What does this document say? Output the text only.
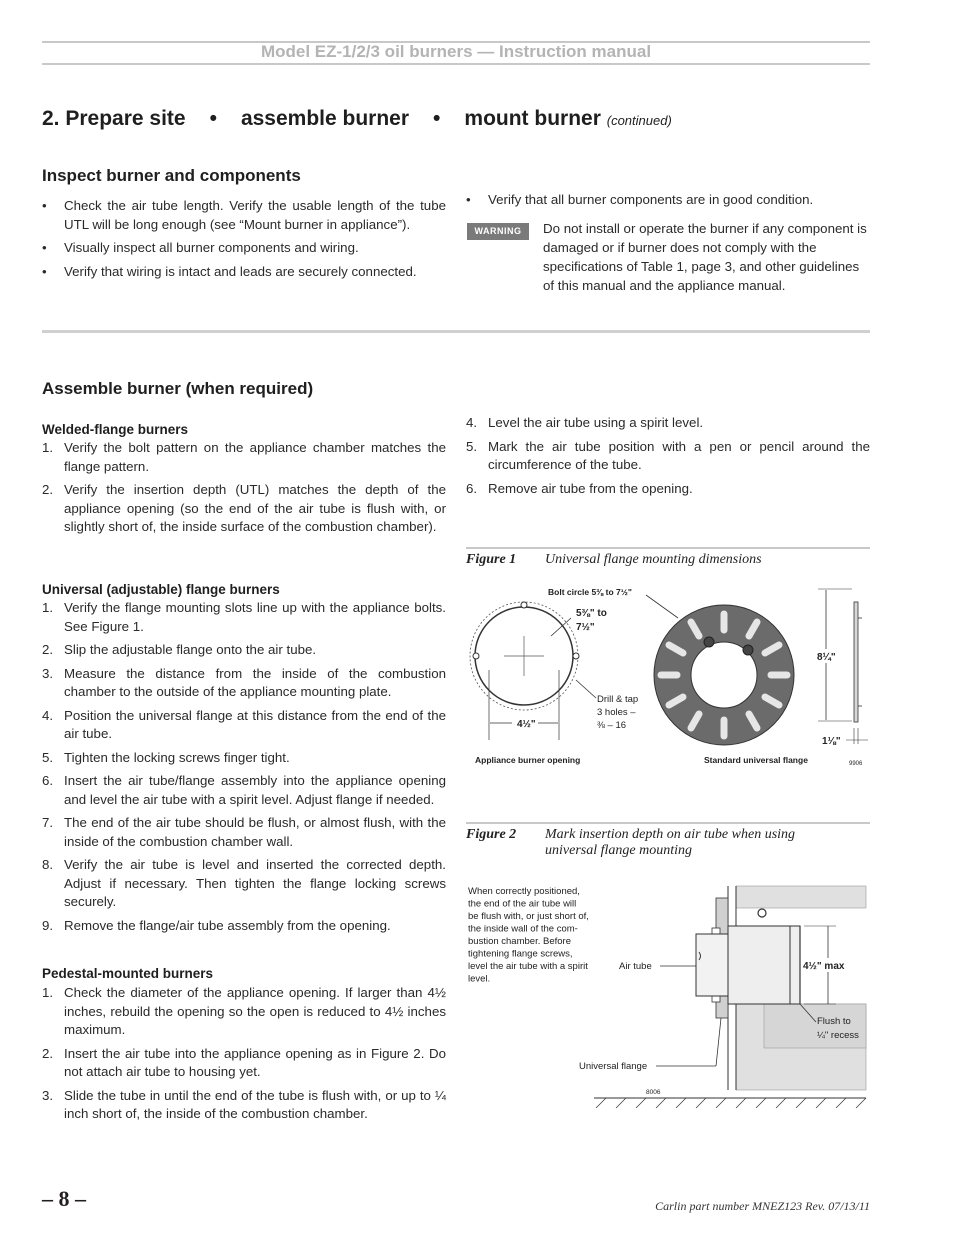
Model EZ-1/2/3 oil burners — Instruction manual
2. Prepare site • assemble burner • mount burner (continued)
Inspect burner and components
• Check the air tube length. Verify the usable length of the tube UTL will be long enough (see “Mount burner in appliance”).
• Visually inspect all burner components and wiring.
• Verify that wiring is intact and leads are securely connected.
• Verify that all burner components are in good condition.
WARNING	Do not install or operate the burner if any component is damaged or if burner does not comply with the specifications of Table 1, page 3, and other guidelines of this manual and the appliance manual.
Assemble burner (when required)
Welded-flange burners
1. Verify the bolt pattern on the appliance chamber matches the flange pattern.
2. Verify the insertion depth (UTL) matches the depth of the appliance opening (so the end of the air tube is flush with, or slightly short of, the inside surface of the combustion chamber).
Universal (adjustable) flange burners
1. Verify the flange mounting slots line up with the appliance bolts. See Figure 1.
2. Slip the adjustable flange onto the air tube.
3. Measure the distance from the inside of the combustion chamber to the outside of the appliance mounting plate.
4. Position the universal flange at this distance from the end of the air tube.
5. Tighten the locking screws finger tight.
6. Insert the air tube/flange assembly into the appliance opening and level the air tube with a spirit level. Adjust flange if needed.
7. The end of the air tube should be flush, or almost flush, with the inside of the combustion chamber wall.
8. Verify the air tube is level and inserted the corrected depth. Adjust if necessary. Then tighten the flange locking screws securely.
9. Remove the flange/air tube assembly from the opening.
Pedestal-mounted burners
1. Check the diameter of the appliance opening. If larger than 4½ inches, rebuild the opening so the open is reduced to 4½ inches maximum.
2. Insert the air tube into the appliance opening as in Figure 2. Do not attach air tube to housing yet.
3. Slide the tube in until the end of the tube is flush with, or up to ¼ inch short of, the inside of the combustion chamber.
4. Level the air tube using a spirit level.
5. Mark the air tube position with a pen or pencil around the circumference of the tube.
6. Remove air tube from the opening.
Figure 1 Universal flange mounting dimensions
4½"
5⅜" to
7½"
Drill & tap
3 holes –
⅜ – 16
Appliance burner opening
Bolt circle 5⅜ to 7½"
Standard universal flange	9906
8¼"
1⅛"
Figure 2 Mark insertion depth on air tube when using
universal flange mounting
When correctly positioned, the end of the air tube will be flush with, or just short of, the inside wall of the com- bustion chamber. Before tightening flange screws, level the air tube with a spirit level.
Air tube	4½" max
Flush to
¼" recess
Universal flange
8006
– 8 –	Carlin part number MNEZ123 Rev. 07/13/11
